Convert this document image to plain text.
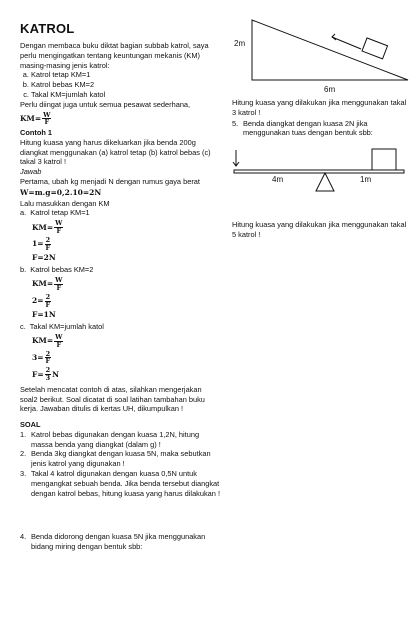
KATROL

Dengan membaca buku diktat bagian subbab katrol, saya perlu mengingatkan tentang keuntungan mekanis (KM) masing-masing jenis katrol:

a. Katrol tetap KM=1
b. Katrol bebas KM=2
c. Takal KM=jumlah katol

Perlu diingat juga untuk semua pesawat sederhana,

KM = $\frac{W}{F}$

Contoh 1

Hitung kuasa yang harus dikeluarkan jika benda 200g diangkat menggunakan (a) katrol tetap (b) katrol bebas (c) takal 3 katrol !

Jawab

Pertama, ubah kg menjadi N dengan rumus gaya berat

W=m.g=0,2.10=2N

Lalu masukkan dengan KM

a. Katrol tetap KM=1

KM = $\frac{W}{F}$
$1 = \frac{2}{F}$
F=2N

b. Katrol bebas KM=2

KM = $\frac{W}{F}$
$2 = \frac{2}{F}$
F=1N

c. Takal KM=jumlah katol

KM = $\frac{W}{F}$
$3 = \frac{2}{F}$
$F = \frac{2}{3}$ N

Setelah mencatat contoh di atas, silahkan mengerjakan soal2 berikut. Soal dicatat di soal latihan tambahan buku kerja. Jawaban ditulis di kertas UH, dikumpulkan !

SOAL

1. Katrol bebas digunakan dengan kuasa 1,2N, hitung massa benda yang diangkat (dalam g) !
2. Benda 3kg diangkat dengan kuasa 5N, maka sebutkan jenis katrol yang digunakan !
3. Takal 4 katrol digunakan dengan kuasa 0,5N untuk mengangkat sebuah benda. Jika benda tersebut diangkat dengan katrol bebas, hitung kuasa yang harus dilakukan !
4. Benda didorong dengan kuasa 5N jika menggunakan bidang miring dengan bentuk sbb:
2m
6m

Hitung kuasa yang dilakukan jika menggunakan takal 3 katrol !

5. Benda diangkat dengan kuasa 2N jika menggunakan tuas dengan bentuk sbb:
4m	1m

Hitung kuasa yang dilakukan jika menggunakan takal 5 katrol !
